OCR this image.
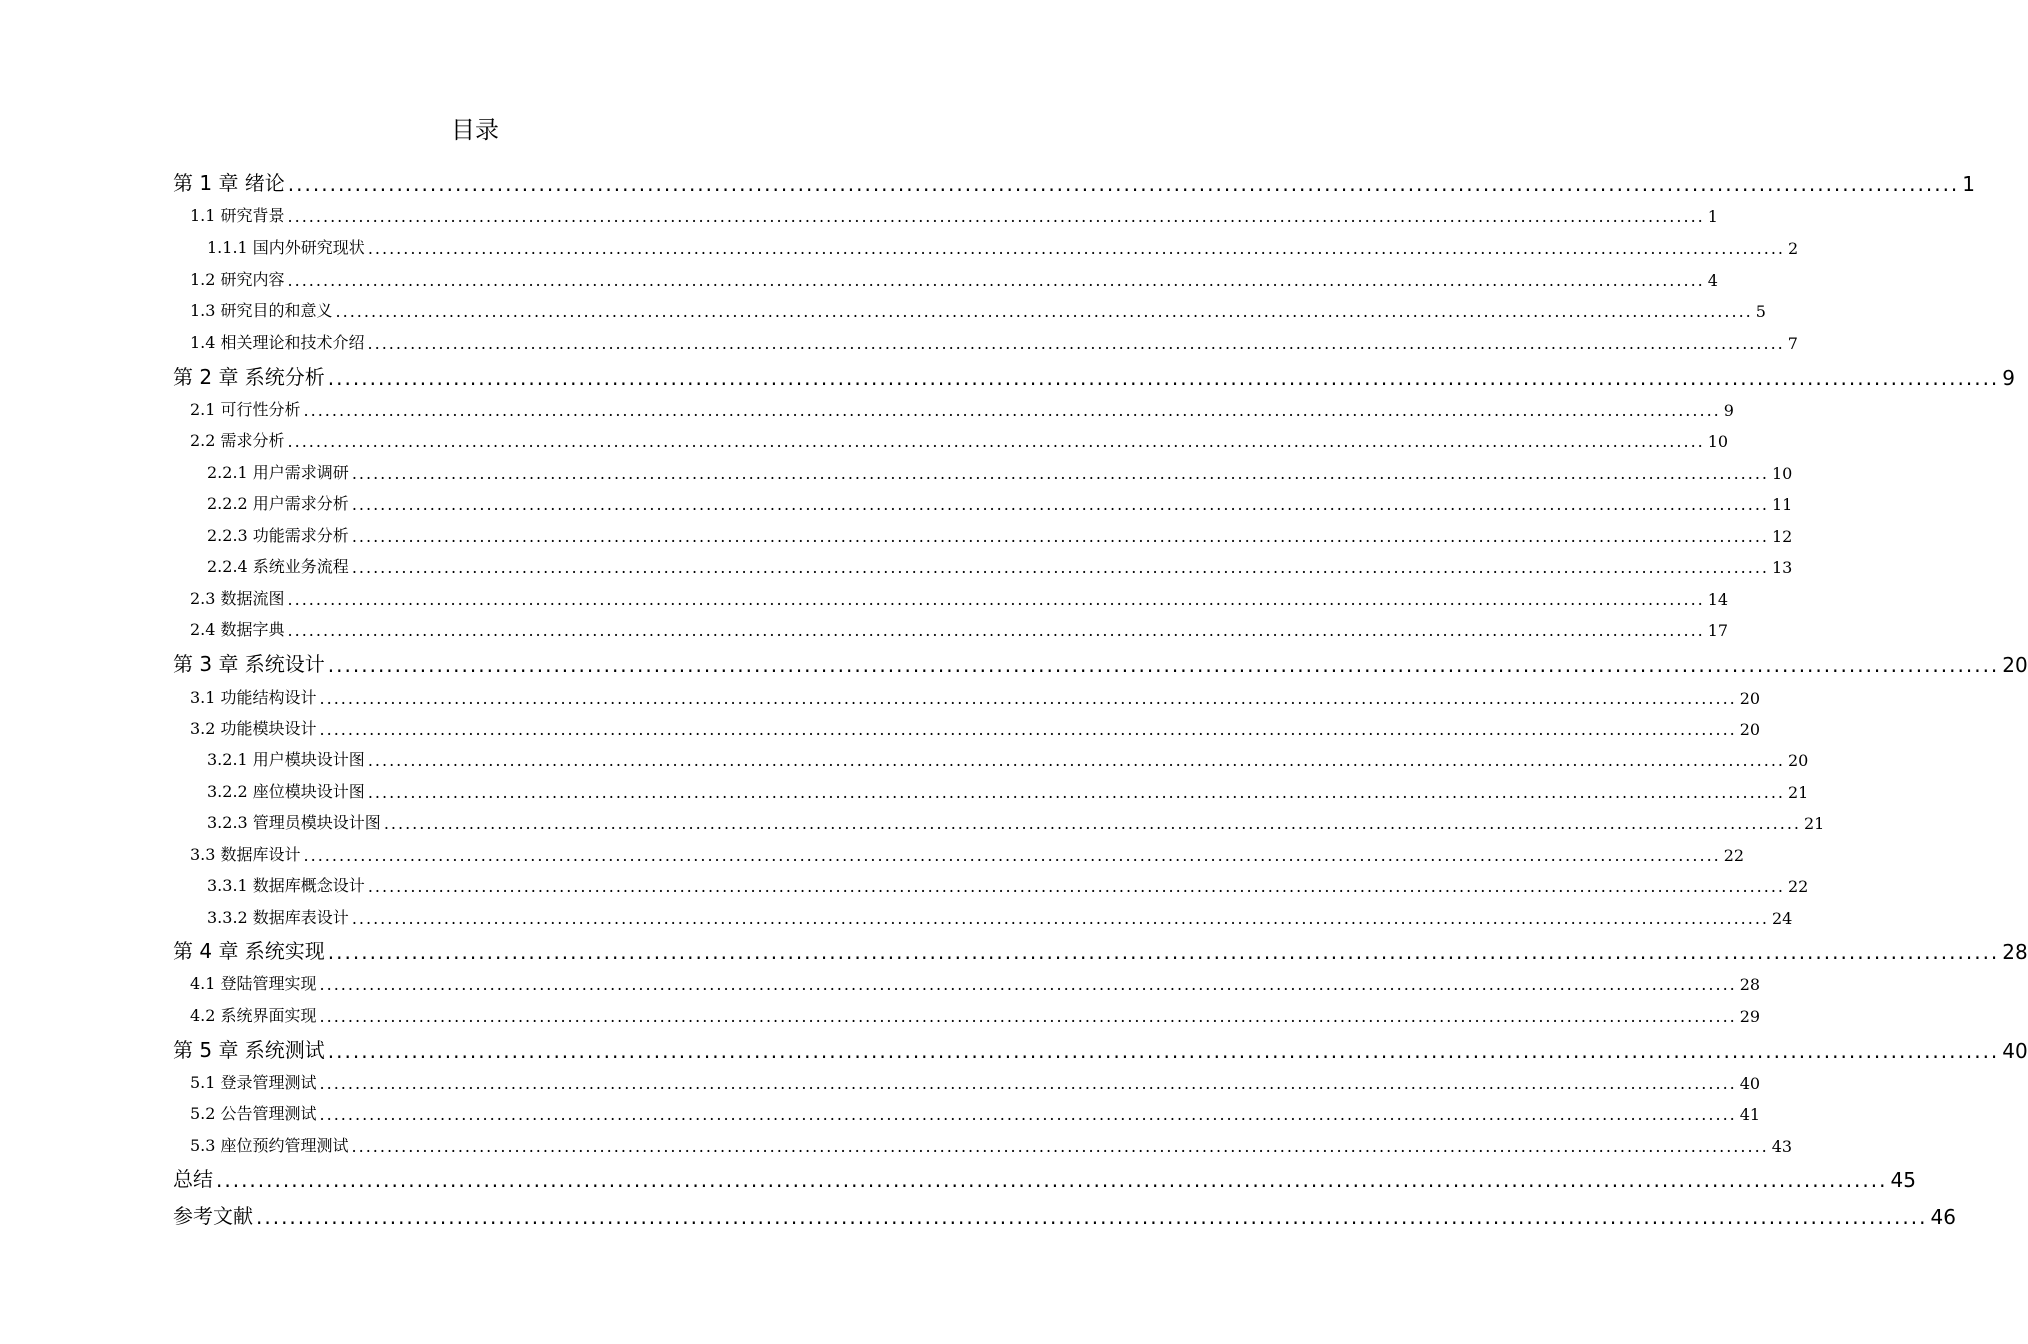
目录
第 1 章 绪论 ........................................................................................................................................................................................................ 1
1.1 研究背景 ........................................................................................................................................................................................................ 1
1.1.1 国内外研究现状 ........................................................................................................................................................................................................ 2
1.2 研究内容 ........................................................................................................................................................................................................ 4
1.3 研究目的和意义 ........................................................................................................................................................................................................ 5
1.4 相关理论和技术介绍 ........................................................................................................................................................................................................ 7
第 2 章 系统分析 ........................................................................................................................................................................................................ 9
2.1 可行性分析 ........................................................................................................................................................................................................ 9
2.2 需求分析 ........................................................................................................................................................................................................ 10
2.2.1 用户需求调研 ........................................................................................................................................................................................................ 10
2.2.2 用户需求分析 ........................................................................................................................................................................................................ 11
2.2.3 功能需求分析 ........................................................................................................................................................................................................ 12
2.2.4 系统业务流程 ........................................................................................................................................................................................................ 13
2.3 数据流图 ........................................................................................................................................................................................................ 14
2.4 数据字典 ........................................................................................................................................................................................................ 17
第 3 章 系统设计 ........................................................................................................................................................................................................ 20
3.1 功能结构设计 ........................................................................................................................................................................................................ 20
3.2 功能模块设计 ........................................................................................................................................................................................................ 20
3.2.1 用户模块设计图 ........................................................................................................................................................................................................ 20
3.2.2 座位模块设计图 ........................................................................................................................................................................................................ 21
3.2.3 管理员模块设计图 ........................................................................................................................................................................................................ 21
3.3 数据库设计 ........................................................................................................................................................................................................ 22
3.3.1 数据库概念设计 ........................................................................................................................................................................................................ 22
3.3.2 数据库表设计 ........................................................................................................................................................................................................ 24
第 4 章 系统实现 ........................................................................................................................................................................................................ 28
4.1 登陆管理实现 ........................................................................................................................................................................................................ 28
4.2 系统界面实现 ........................................................................................................................................................................................................ 29
第 5 章 系统测试 ........................................................................................................................................................................................................ 40
5.1 登录管理测试 ........................................................................................................................................................................................................ 40
5.2 公告管理测试 ........................................................................................................................................................................................................ 41
5.3 座位预约管理测试 ........................................................................................................................................................................................................ 43
总结 ........................................................................................................................................................................................................ 45
参考文献 ........................................................................................................................................................................................................ 46
